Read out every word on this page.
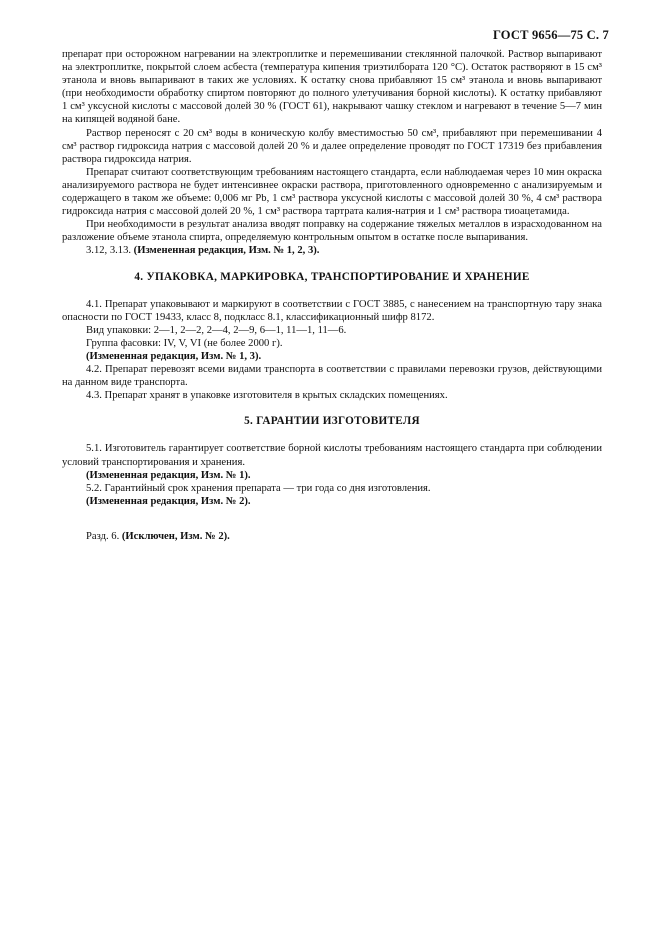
ГОСТ 9656—75 С. 7

препарат при осторожном нагревании на электроплитке и перемешивании стеклянной палочкой. Раствор выпаривают на электроплитке, покрытой слоем асбеста (температура кипения триэтилбората 120 °С). Остаток растворяют в 15 см³ этанола и вновь выпаривают в таких же условиях. К остатку снова прибавляют 15 см³ этанола и вновь выпаривают (при необходимости обработку спиртом повторяют до полного улетучивания борной кислоты). К остатку прибавляют 1 см³ уксусной кислоты с массовой долей 30 % (ГОСТ 61), накрывают чашку стеклом и нагревают в течение 5—7 мин на кипящей водяной бане.

Раствор переносят с 20 см³ воды в коническую колбу вместимостью 50 см³, прибавляют при перемешивании 4 см³ раствор гидроксида натрия с массовой долей 20 % и далее определение проводят по ГОСТ 17319 без прибавления раствора гидроксида натрия.

Препарат считают соответствующим требованиям настоящего стандарта, если наблюдаемая через 10 мин окраска анализируемого раствора не будет интенсивнее окраски раствора, приготовленного одновременно с анализируемым и содержащего в таком же объеме: 0,006 мг Pb, 1 см³ раствора уксусной кислоты с массовой долей 30 %, 4 см³ раствора гидроксида натрия с массовой долей 20 %, 1 см³ раствора тартрата калия-натрия и 1 см³ раствора тиоацетамида.

При необходимости в результат анализа вводят поправку на содержание тяжелых металлов в израсходованном на разложение объеме этанола спирта, определяемую контрольным опытом в остатке после выпаривания.

3.12, 3.13. (Измененная редакция, Изм. № 1, 2, 3).

4. УПАКОВКА, МАРКИРОВКА, ТРАНСПОРТИРОВАНИЕ И ХРАНЕНИЕ

4.1. Препарат упаковывают и маркируют в соответствии с ГОСТ 3885, с нанесением на транспортную тару знака опасности по ГОСТ 19433, класс 8, подкласс 8.1, классификационный шифр 8172.

Вид упаковки: 2—1, 2—2, 2—4, 2—9, 6—1, 11—1, 11—6.

Группа фасовки: IV, V, VI (не более 2000 г).

(Измененная редакция, Изм. № 1, 3).

4.2. Препарат перевозят всеми видами транспорта в соответствии с правилами перевозки грузов, действующими на данном виде транспорта.

4.3. Препарат хранят в упаковке изготовителя в крытых складских помещениях.

5. ГАРАНТИИ ИЗГОТОВИТЕЛЯ

5.1. Изготовитель гарантирует соответствие борной кислоты требованиям настоящего стандарта при соблюдении условий транспортирования и хранения.

(Измененная редакция, Изм. № 1).

5.2. Гарантийный срок хранения препарата — три года со дня изготовления.

(Измененная редакция, Изм. № 2).

Разд. 6. (Исключен, Изм. № 2).
